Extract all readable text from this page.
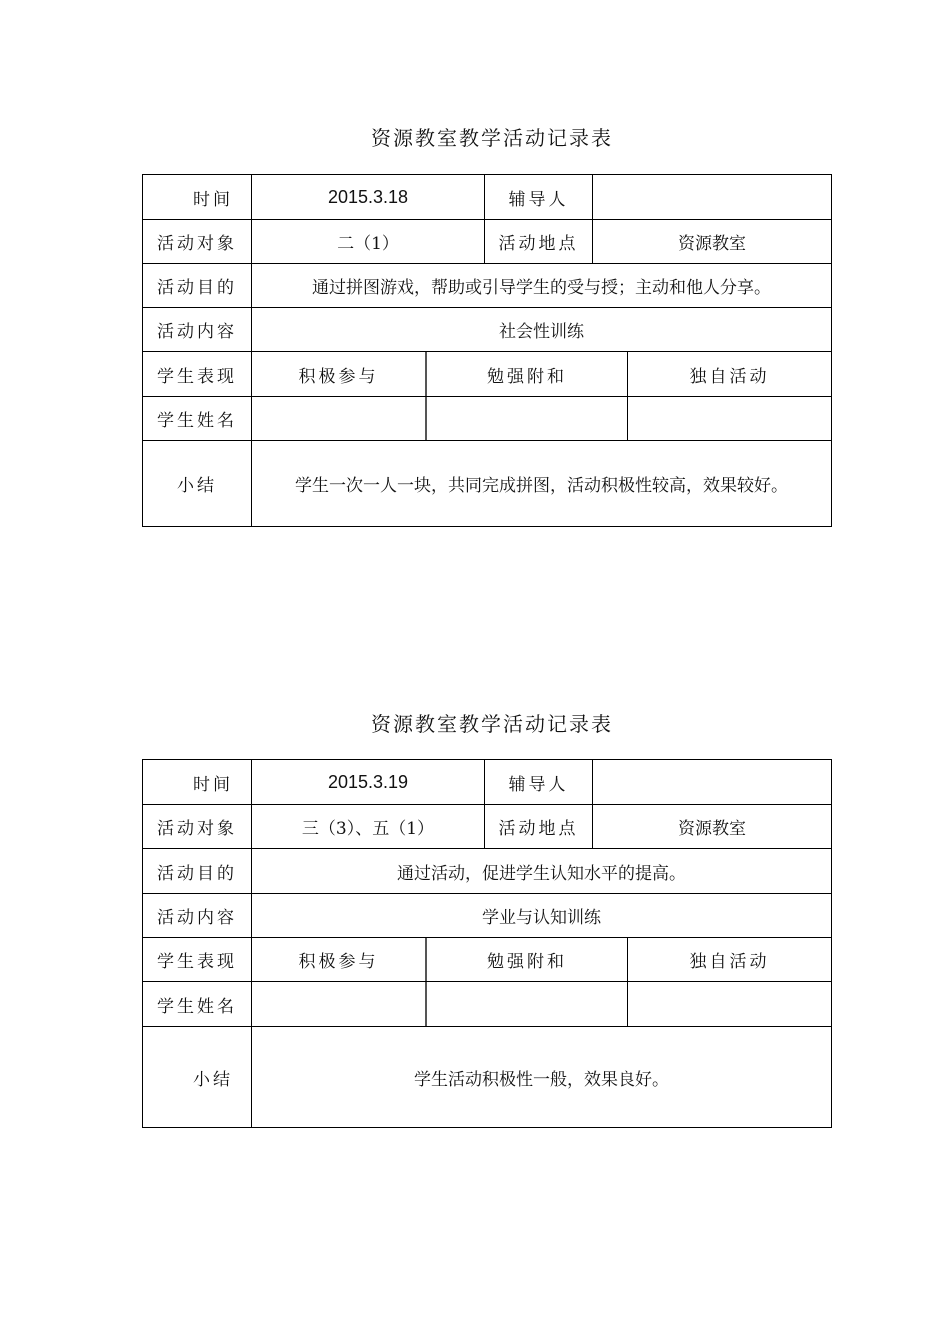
资源教室教学活动记录表
时间	2015.3.18	辅导人
活动对象	二（1）	活动地点	资源教室
活动目的	通过拼图游戏，帮助或引导学生的受与授；主动和他人分享。
活动内容	社会性训练
学生表现	积极参与	勉强附和	独自活动
学生姓名
小结	学生一次一人一块，共同完成拼图，活动积极性较高，效果较好。
资源教室教学活动记录表
时间	2015.3.19	辅导人
活动对象	三（3）、五（1）	活动地点	资源教室
活动目的	通过活动，促进学生认知水平的提高。
活动内容	学业与认知训练
学生表现	积极参与	勉强附和	独自活动
学生姓名
小结	学生活动积极性一般，效果良好。
